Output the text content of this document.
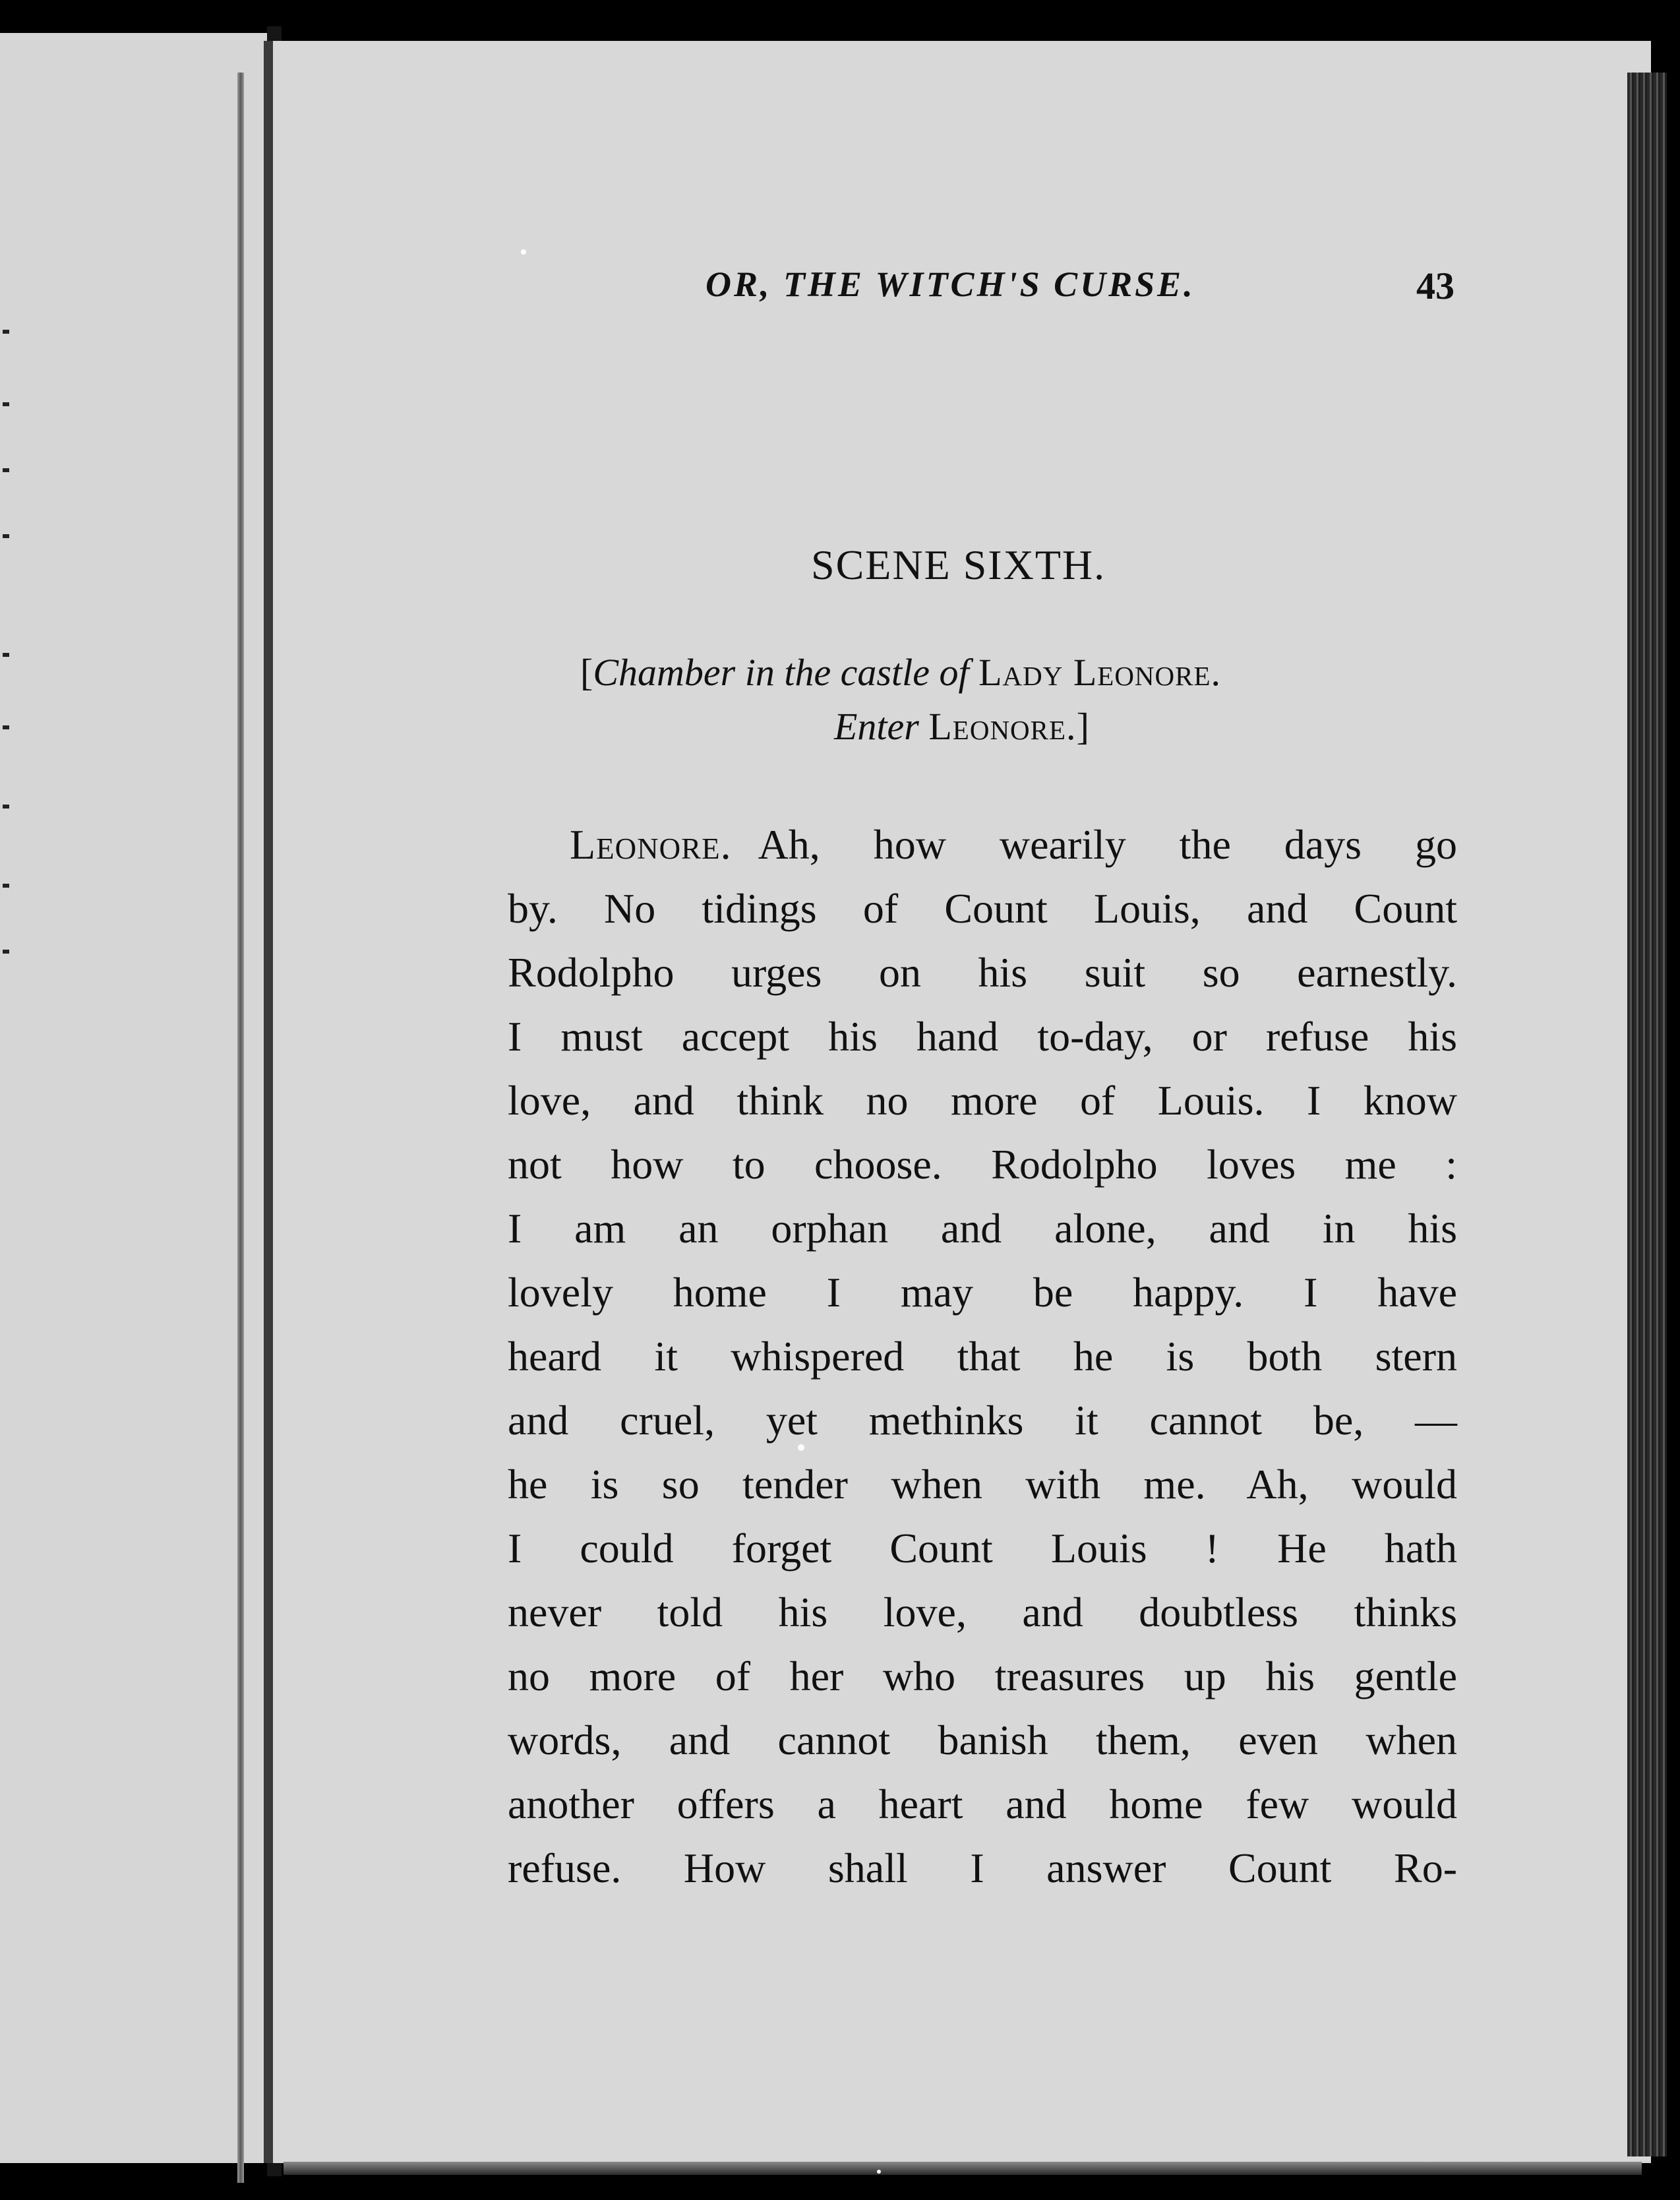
OR, THE WITCH'S CURSE.	43
SCENE SIXTH.
[Chamber in the castle of Lady Leonore.
Enter Leonore.]
Leonore. Ah, how wearily the days go
by. No tidings of Count Louis, and Count
Rodolpho urges on his suit so earnestly.
I must accept his hand to-day, or refuse his
love, and think no more of Louis. I know
not how to choose. Rodolpho loves me :
I am an orphan and alone, and in his
lovely home I may be happy. I have
heard it whispered that he is both stern
and cruel, yet methinks it cannot be, —
he is so tender when with me. Ah, would
I could forget Count Louis ! He hath
never told his love, and doubtless thinks
no more of her who treasures up his gentle
words, and cannot banish them, even when
another offers a heart and home few would
refuse. How shall I answer Count Ro-
